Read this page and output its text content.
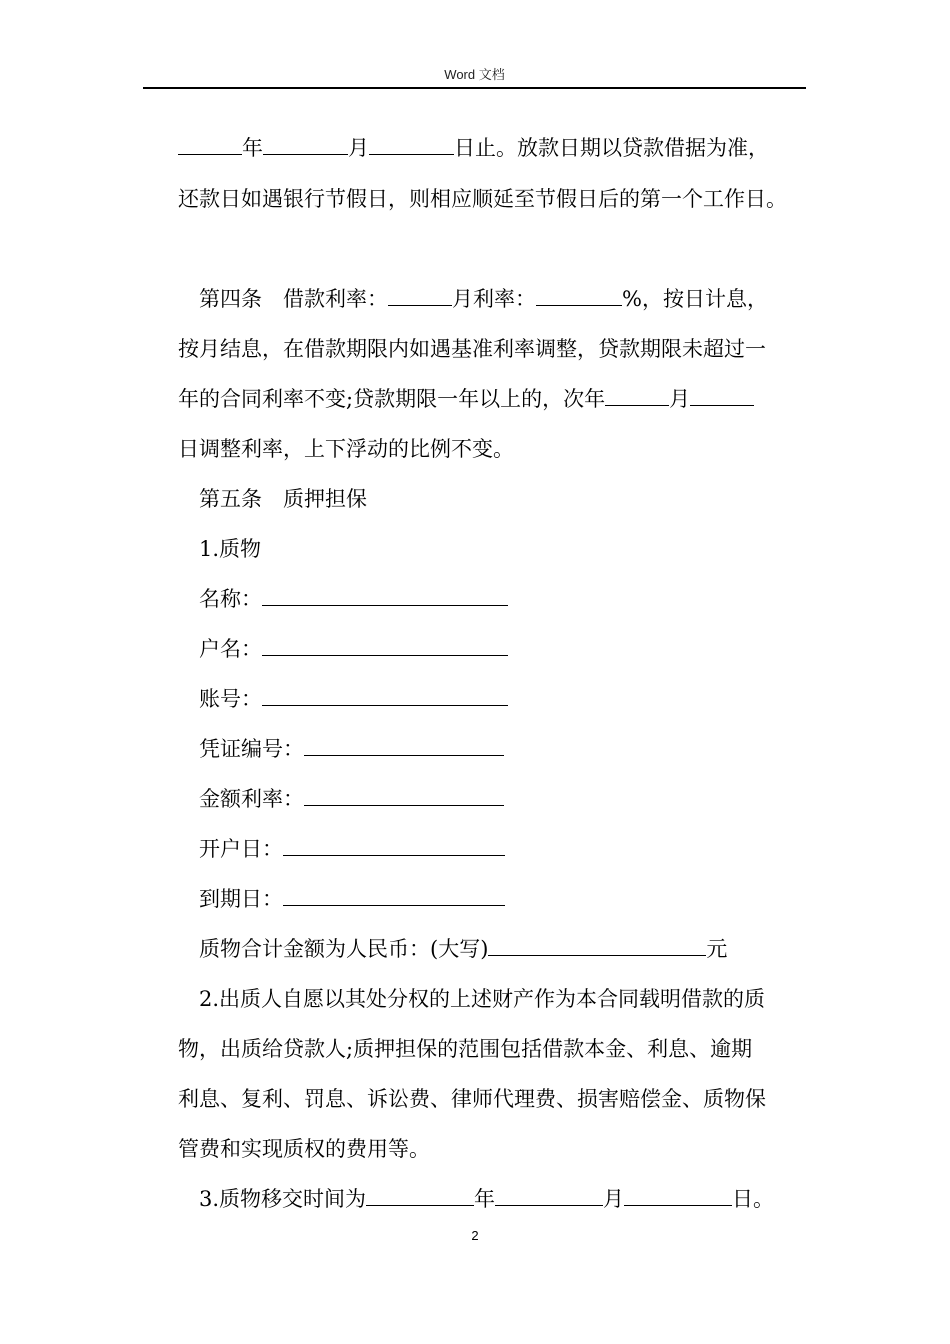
Word 文档
年	月	日止。放款日期以贷款借据为准，
还款日如遇银行节假日，则相应顺延至节假日后的第一个工作日。
第四条　借款利率：	月利率：	%，按日计息，
按月结息，在借款期限内如遇基准利率调整，贷款期限未超过一
年的合同利率不变;贷款期限一年以上的，次年	月
日调整利率，上下浮动的比例不变。
第五条　质押担保
1.质物
名称：
户名：
账号：
凭证编号：
金额利率：
开户日：
到期日：
质物合计金额为人民币：(大写)	元
2.出质人自愿以其处分权的上述财产作为本合同载明借款的质
物，出质给贷款人;质押担保的范围包括借款本金、利息、逾期
利息、复利、罚息、诉讼费、律师代理费、损害赔偿金、质物保
管费和实现质权的费用等。
3.质物移交时间为	年	月	日。
2
